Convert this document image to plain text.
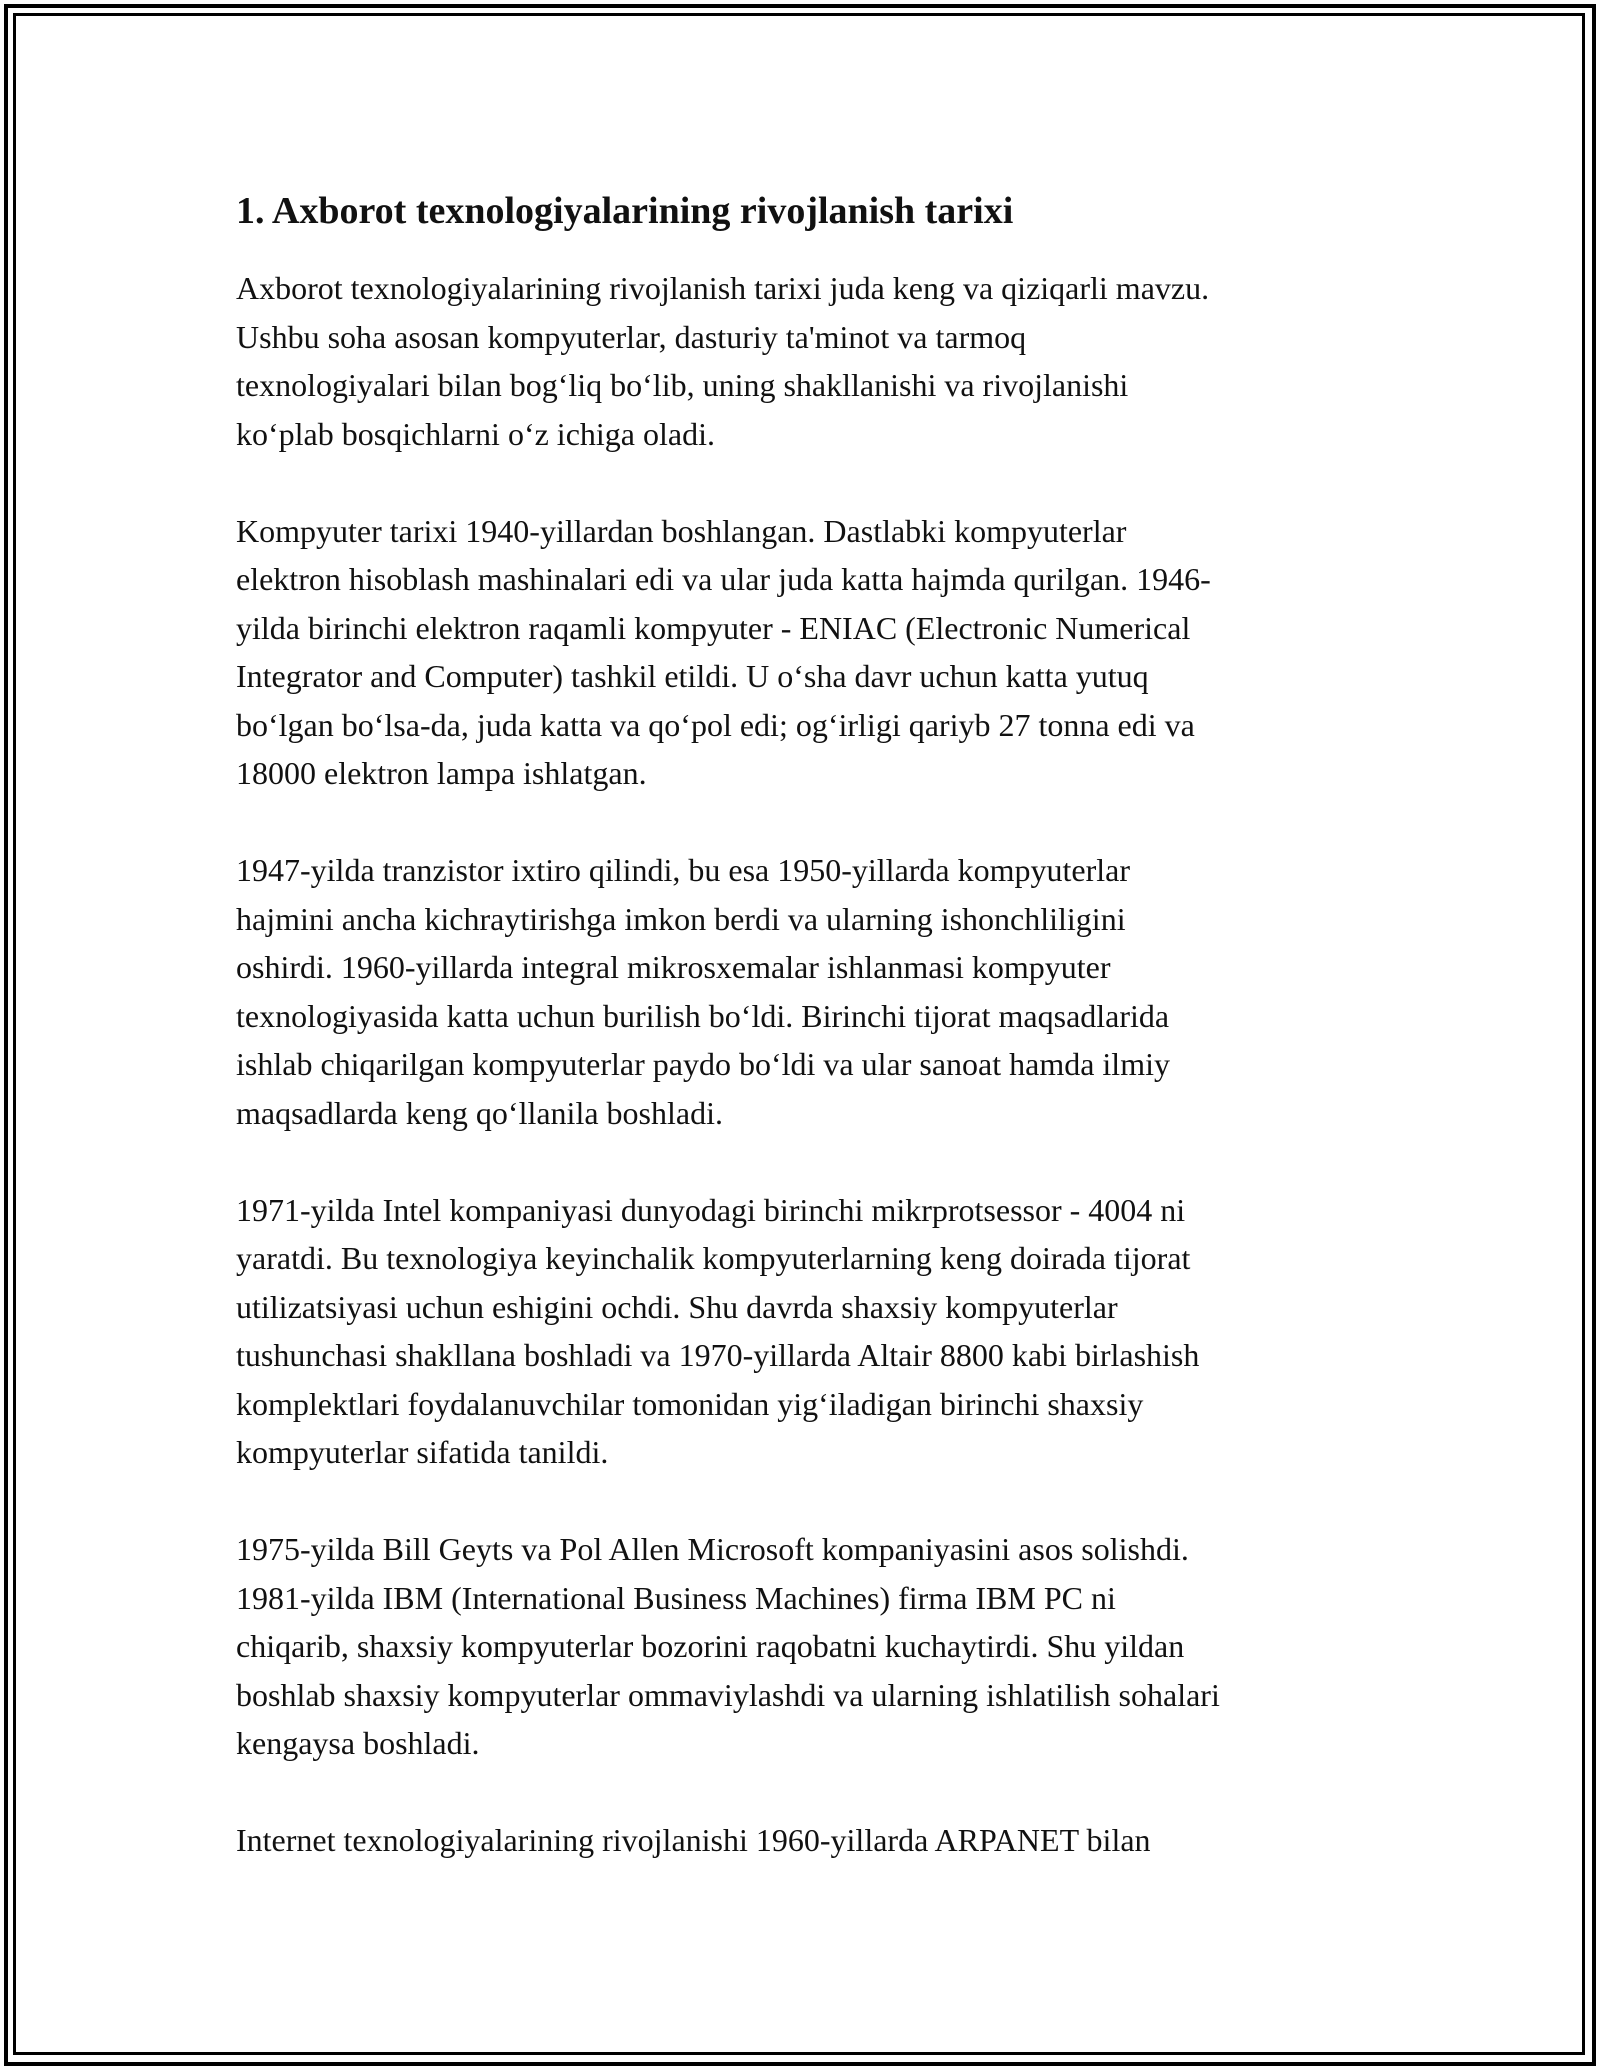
1. Axborot texnologiyalarining rivojlanish tarixi

Axborot texnologiyalarining rivojlanish tarixi juda keng va qiziqarli mavzu.
Ushbu soha asosan kompyuterlar, dasturiy ta'minot va tarmoq
texnologiyalari bilan bog‘liq bo‘lib, uning shakllanishi va rivojlanishi
ko‘plab bosqichlarni o‘z ichiga oladi.

Kompyuter tarixi 1940-yillardan boshlangan. Dastlabki kompyuterlar
elektron hisoblash mashinalari edi va ular juda katta hajmda qurilgan. 1946-
yilda birinchi elektron raqamli kompyuter - ENIAC (Electronic Numerical
Integrator and Computer) tashkil etildi. U o‘sha davr uchun katta yutuq
bo‘lgan bo‘lsa-da, juda katta va qo‘pol edi; og‘irligi qariyb 27 tonna edi va
18000 elektron lampa ishlatgan.

1947-yilda tranzistor ixtiro qilindi, bu esa 1950-yillarda kompyuterlar
hajmini ancha kichraytirishga imkon berdi va ularning ishonchliligini
oshirdi. 1960-yillarda integral mikrosxemalar ishlanmasi kompyuter
texnologiyasida katta uchun burilish bo‘ldi. Birinchi tijorat maqsadlarida
ishlab chiqarilgan kompyuterlar paydo bo‘ldi va ular sanoat hamda ilmiy
maqsadlarda keng qo‘llanila boshladi.

1971-yilda Intel kompaniyasi dunyodagi birinchi mikrprotsessor - 4004 ni
yaratdi. Bu texnologiya keyinchalik kompyuterlarning keng doirada tijorat
utilizatsiyasi uchun eshigini ochdi. Shu davrda shaxsiy kompyuterlar
tushunchasi shakllana boshladi va 1970-yillarda Altair 8800 kabi birlashish
komplektlari foydalanuvchilar tomonidan yig‘iladigan birinchi shaxsiy
kompyuterlar sifatida tanildi.

1975-yilda Bill Geyts va Pol Allen Microsoft kompaniyasini asos solishdi.
1981-yilda IBM (International Business Machines) firma IBM PC ni
chiqarib, shaxsiy kompyuterlar bozorini raqobatni kuchaytirdi. Shu yildan
boshlab shaxsiy kompyuterlar ommaviylashdi va ularning ishlatilish sohalari
kengaysa boshladi.

Internet texnologiyalarining rivojlanishi 1960-yillarda ARPANET bilan
